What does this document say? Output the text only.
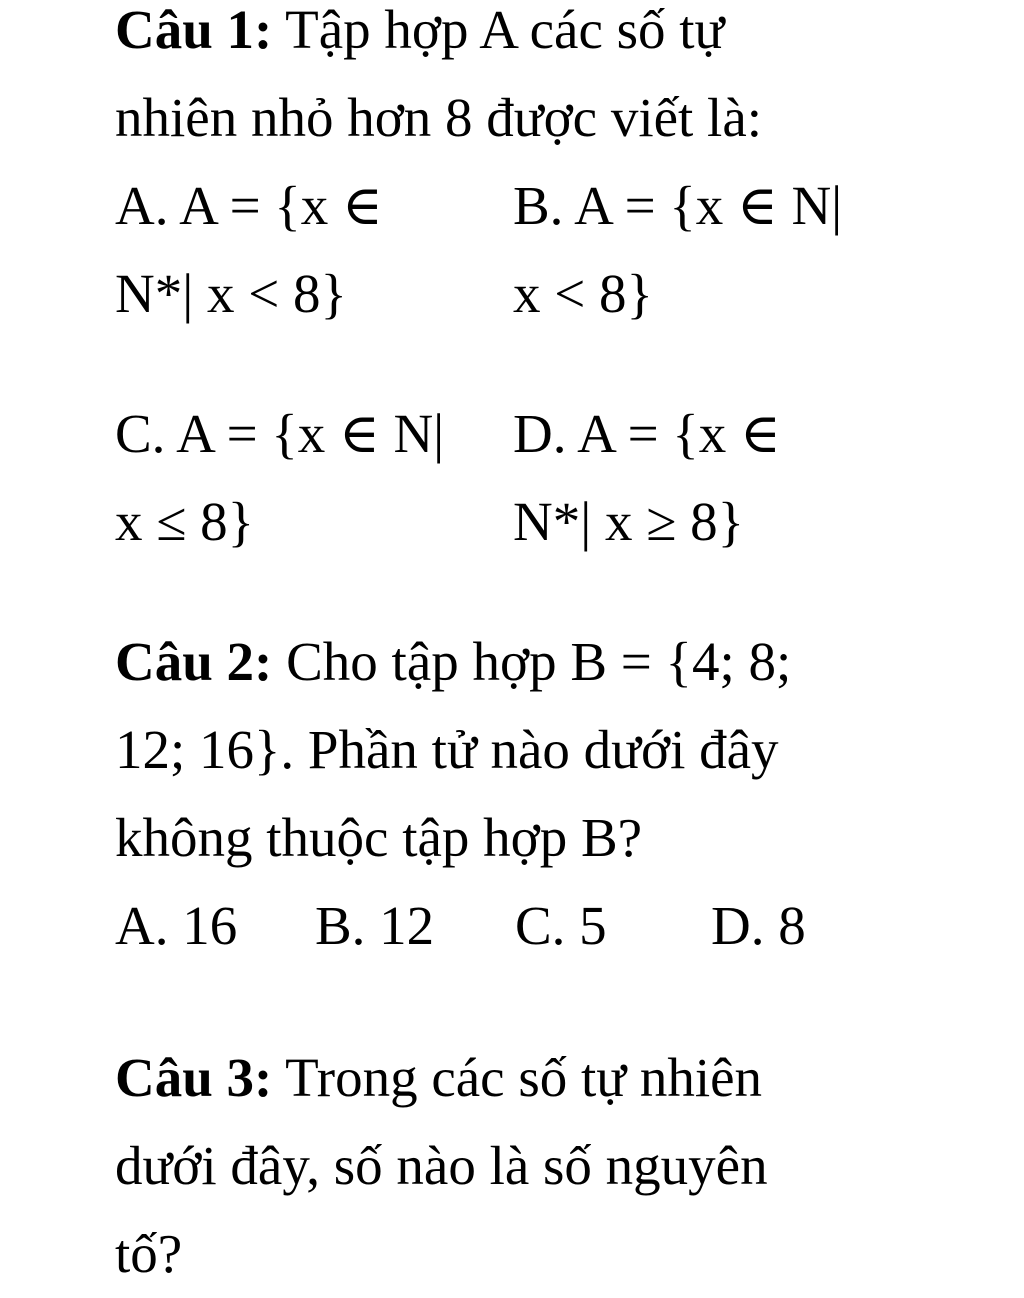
Câu 1: Tập hợp A các số tự
nhiên nhỏ hơn 8 được viết là:
A. A = {x ∈
N*| x < 8}
B. A = {x ∈ N|
x < 8}
C. A = {x ∈ N|
x ≤ 8}
D. A = {x ∈
N*| x ≥ 8}
Câu 2: Cho tập hợp B = {4; 8;
12; 16}. Phần tử nào dưới đây
không thuộc tập hợp B?
A. 16	B. 12	C. 5	D. 8
Câu 3: Trong các số tự nhiên
dưới đây, số nào là số nguyên
tố?
